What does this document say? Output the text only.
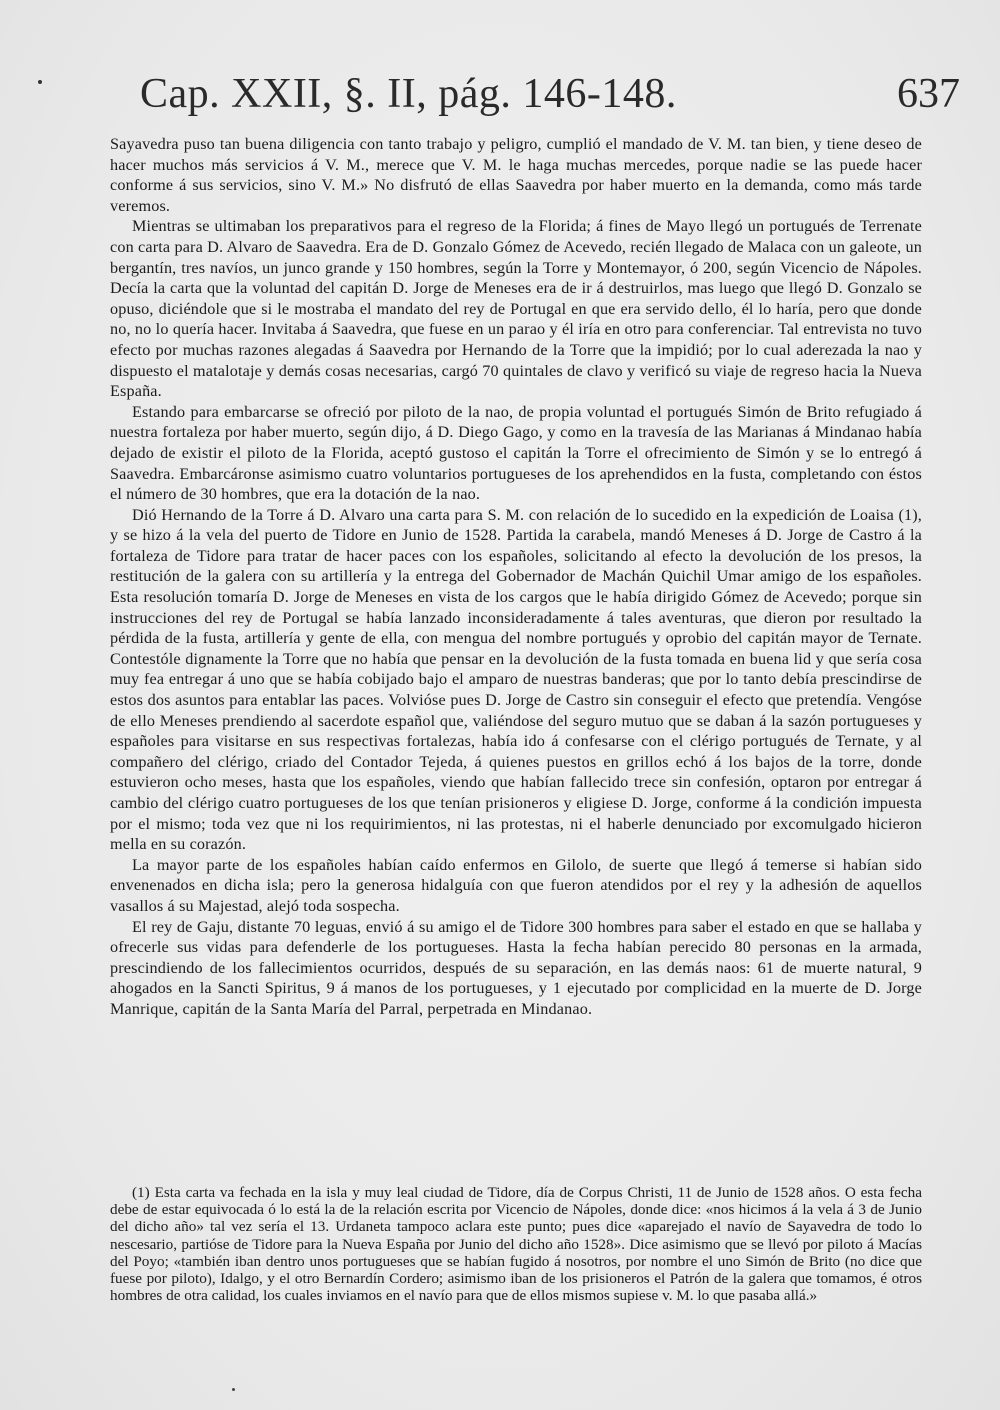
Cap. XXII, §. II, pág. 146-148.	637

Sayavedra puso tan buena diligencia con tanto trabajo y peligro, cumplió el mandado de V. M. tan bien, y tiene deseo de hacer muchos más servicios á V. M., merece que V. M. le haga muchas mercedes, porque nadie se las puede hacer conforme á sus servicios, sino V. M.» No disfrutó de ellas Saavedra por haber muerto en la demanda, como más tarde veremos.

Mientras se ultimaban los preparativos para el regreso de la Florida; á fines de Mayo llegó un portugués de Terrenate con carta para D. Alvaro de Saavedra. Era de D. Gonzalo Gómez de Acevedo, recién llegado de Malaca con un galeote, un bergantín, tres navíos, un junco grande y 150 hombres, según la Torre y Montemayor, ó 200, según Vicencio de Nápoles. Decía la carta que la voluntad del capitán D. Jorge de Meneses era de ir á destruirlos, mas luego que llegó D. Gonzalo se opuso, diciéndole que si le mostraba el mandato del rey de Portugal en que era servido dello, él lo haría, pero que donde no, no lo quería hacer. Invitaba á Saavedra, que fuese en un parao y él iría en otro para conferenciar. Tal entrevista no tuvo efecto por muchas razones alegadas á Saavedra por Hernando de la Torre que la impidió; por lo cual aderezada la nao y dispuesto el matalotaje y demás cosas necesarias, cargó 70 quintales de clavo y verificó su viaje de regreso hacia la Nueva España.

Estando para embarcarse se ofreció por piloto de la nao, de propia voluntad el portugués Simón de Brito refugiado á nuestra fortaleza por haber muerto, según dijo, á D. Diego Gago, y como en la travesía de las Marianas á Mindanao había dejado de existir el piloto de la Florida, aceptó gustoso el capitán la Torre el ofrecimiento de Simón y se lo entregó á Saavedra. Embarcáronse asimismo cuatro voluntarios portugueses de los aprehendidos en la fusta, completando con éstos el número de 30 hombres, que era la dotación de la nao.

Dió Hernando de la Torre á D. Alvaro una carta para S. M. con relación de lo sucedido en la expedición de Loaisa (1), y se hizo á la vela del puerto de Tidore en Junio de 1528. Partida la carabela, mandó Meneses á D. Jorge de Castro á la fortaleza de Tidore para tratar de hacer paces con los españoles, solicitando al efecto la devolución de los presos, la restitución de la galera con su artillería y la entrega del Gobernador de Machán Quichil Umar amigo de los españoles. Esta resolución tomaría D. Jorge de Meneses en vista de los cargos que le había dirigido Gómez de Acevedo; porque sin instrucciones del rey de Portugal se había lanzado inconsideradamente á tales aventuras, que dieron por resultado la pérdida de la fusta, artillería y gente de ella, con mengua del nombre portugués y oprobio del capitán mayor de Ternate. Contestóle dignamente la Torre que no había que pensar en la devolución de la fusta tomada en buena lid y que sería cosa muy fea entregar á uno que se había cobijado bajo el amparo de nuestras banderas; que por lo tanto debía prescindirse de estos dos asuntos para entablar las paces. Volvióse pues D. Jorge de Castro sin conseguir el efecto que pretendía. Vengóse de ello Meneses prendiendo al sacerdote español que, valiéndose del seguro mutuo que se daban á la sazón portugueses y españoles para visitarse en sus respectivas fortalezas, había ido á confesarse con el clérigo portugués de Ternate, y al compañero del clérigo, criado del Contador Tejeda, á quienes puestos en grillos echó á los bajos de la torre, donde estuvieron ocho meses, hasta que los españoles, viendo que habían fallecido trece sin confesión, optaron por entregar á cambio del clérigo cuatro portugueses de los que tenían prisioneros y eligiese D. Jorge, conforme á la condición impuesta por el mismo; toda vez que ni los requirimientos, ni las protestas, ni el haberle denunciado por excomulgado hicieron mella en su corazón.

La mayor parte de los españoles habían caído enfermos en Gilolo, de suerte que llegó á temerse si habían sido envenenados en dicha isla; pero la generosa hidalguía con que fueron atendidos por el rey y la adhesión de aquellos vasallos á su Majestad, alejó toda sospecha.

El rey de Gaju, distante 70 leguas, envió á su amigo el de Tidore 300 hombres para saber el estado en que se hallaba y ofrecerle sus vidas para defenderle de los portugueses. Hasta la fecha habían perecido 80 personas en la armada, prescindiendo de los fallecimientos ocurridos, después de su separación, en las demás naos: 61 de muerte natural, 9 ahogados en la Sancti Spiritus, 9 á manos de los portugueses, y 1 ejecutado por complicidad en la muerte de D. Jorge Manrique, capitán de la Santa María del Parral, perpetrada en Mindanao.

(1) Esta carta va fechada en la isla y muy leal ciudad de Tidore, día de Corpus Christi, 11 de Junio de 1528 años. O esta fecha debe de estar equivocada ó lo está la de la relación escrita por Vicencio de Nápoles, donde dice: «nos hicimos á la vela á 3 de Junio del dicho año» tal vez sería el 13. Urdaneta tampoco aclara este punto; pues dice «aparejado el navío de Sayavedra de todo lo nescesario, partióse de Tidore para la Nueva España por Junio del dicho año 1528». Dice asimismo que se llevó por piloto á Macías del Poyo; «también iban dentro unos portugueses que se habían fugido á nosotros, por nombre el uno Simón de Brito (no dice que fuese por piloto), Idalgo, y el otro Bernardín Cordero; asimismo iban de los prisioneros el Patrón de la galera que tomamos, é otros hombres de otra calidad, los cuales inviamos en el navío para que de ellos mismos supiese v. M. lo que pasaba allá.»
